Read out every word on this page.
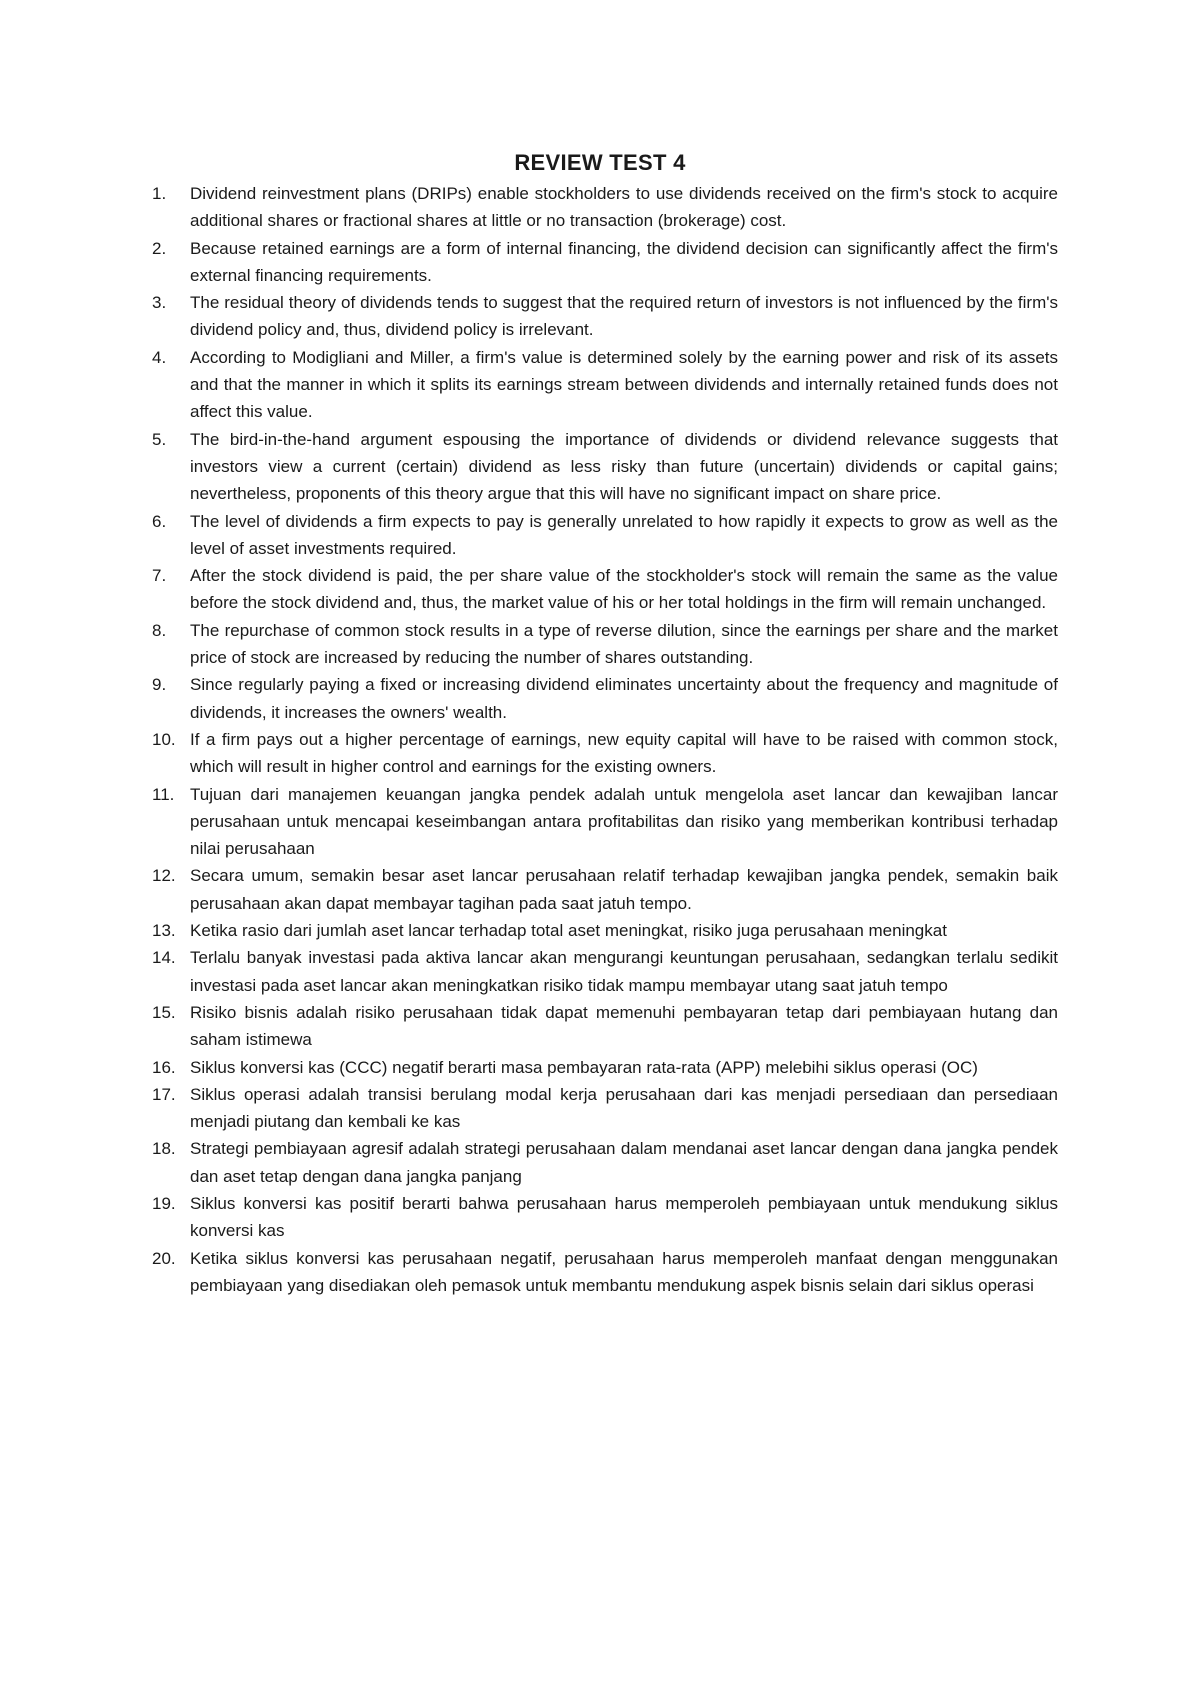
REVIEW TEST 4
1.	Dividend reinvestment plans (DRIPs) enable stockholders to use dividends received on the firm's stock to acquire additional shares or fractional shares at little or no transaction (brokerage) cost.
2.	Because retained earnings are a form of internal financing, the dividend decision can significantly affect the firm's external financing requirements.
3.	The residual theory of dividends tends to suggest that the required return of investors is not influenced by the firm's dividend policy and, thus, dividend policy is irrelevant.
4.	According to Modigliani and Miller, a firm's value is determined solely by the earning power and risk of its assets and that the manner in which it splits its earnings stream between dividends and internally retained funds does not affect this value.
5.	The bird-in-the-hand argument espousing the importance of dividends or dividend relevance suggests that investors view a current (certain) dividend as less risky than future (uncertain) dividends or capital gains; nevertheless, proponents of this theory argue that this will have no significant impact on share price.
6.	The level of dividends a firm expects to pay is generally unrelated to how rapidly it expects to grow as well as the level of asset investments required.
7.	After the stock dividend is paid, the per share value of the stockholder's stock will remain the same as the value before the stock dividend and, thus, the market value of his or her total holdings in the firm will remain unchanged.
8.	The repurchase of common stock results in a type of reverse dilution, since the earnings per share and the market price of stock are increased by reducing the number of shares outstanding.
9.	Since regularly paying a fixed or increasing dividend eliminates uncertainty about the frequency and magnitude of dividends, it increases the owners' wealth.
10. If a firm pays out a higher percentage of earnings, new equity capital will have to be raised with common stock, which will result in higher control and earnings for the existing owners.
11. Tujuan dari manajemen keuangan jangka pendek adalah untuk mengelola aset lancar dan kewajiban lancar perusahaan untuk mencapai keseimbangan antara profitabilitas dan risiko yang memberikan kontribusi terhadap nilai perusahaan
12. Secara umum, semakin besar aset lancar perusahaan relatif terhadap kewajiban jangka pendek, semakin baik perusahaan akan dapat membayar tagihan pada saat jatuh tempo.
13. Ketika rasio dari jumlah aset lancar terhadap total aset meningkat, risiko juga perusahaan meningkat
14. Terlalu banyak investasi pada aktiva lancar akan mengurangi keuntungan perusahaan, sedangkan terlalu sedikit investasi pada aset lancar akan meningkatkan risiko tidak mampu membayar utang saat jatuh tempo
15. Risiko bisnis adalah risiko perusahaan tidak dapat memenuhi pembayaran tetap dari pembiayaan hutang dan saham istimewa
16. Siklus konversi kas (CCC) negatif berarti masa pembayaran rata-rata (APP) melebihi siklus operasi (OC)
17. Siklus operasi adalah transisi berulang modal kerja perusahaan dari kas menjadi persediaan dan persediaan menjadi piutang dan kembali ke kas
18. Strategi pembiayaan agresif adalah strategi perusahaan dalam mendanai aset lancar dengan dana jangka pendek dan aset tetap dengan dana jangka panjang
19. Siklus konversi kas positif berarti bahwa perusahaan harus memperoleh pembiayaan untuk mendukung siklus konversi kas
20. Ketika siklus konversi kas perusahaan negatif, perusahaan harus memperoleh manfaat dengan menggunakan pembiayaan yang disediakan oleh pemasok untuk membantu mendukung aspek bisnis selain dari siklus operasi
